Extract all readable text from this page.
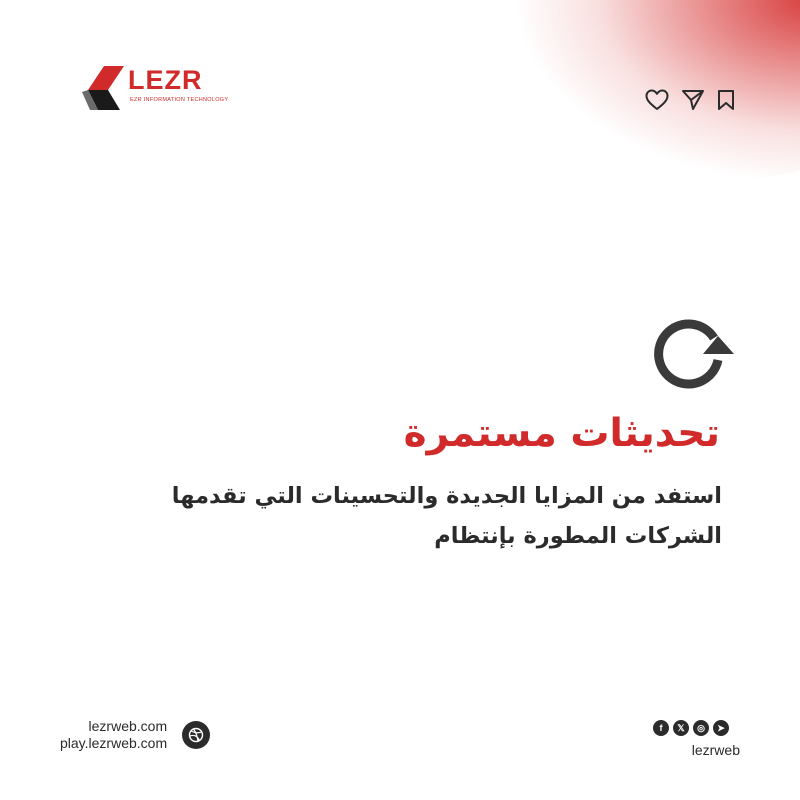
LEZR
EZR INFORMATION TECHNOLOGY
تحديثات مستمرة
استفد من المزايا الجديدة والتحسينات التي تقدمها
الشركات المطورة بإنتظام
lezrweb.com
play.lezrweb.com
f	𝕏	◎	➤
lezrweb
